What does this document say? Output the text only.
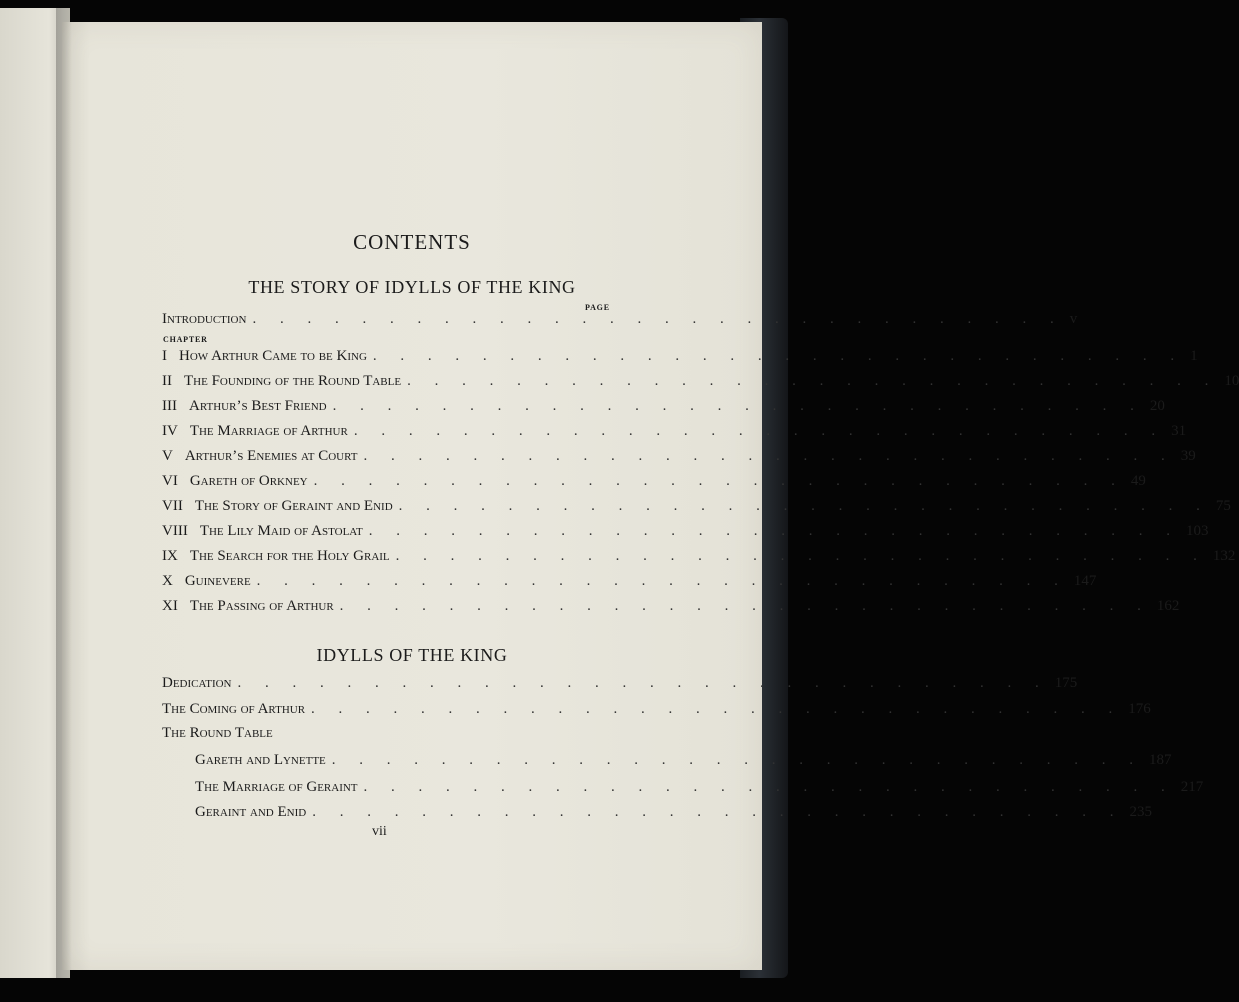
CONTENTS
THE STORY OF IDYLLS OF THE KING
PAGE
Introduction . . . . . . . . . . . . . . . . . . . . . . . . . . . . . . v
CHAPTER
I How Arthur Came to be King . . . . . . . . . . . . . . . . . . . . . . . . . . . . . . 1
II The Founding of the Round Table . . . . . . . . . . . . . . . . . . . . . . . . . . . . . . 10
III Arthur’s Best Friend . . . . . . . . . . . . . . . . . . . . . . . . . . . . . . 20
IV The Marriage of Arthur . . . . . . . . . . . . . . . . . . . . . . . . . . . . . . 31
V Arthur’s Enemies at Court . . . . . . . . . . . . . . . . . . . . . . . . . . . . . . 39
VI Gareth of Orkney . . . . . . . . . . . . . . . . . . . . . . . . . . . . . . 49
VII The Story of Geraint and Enid . . . . . . . . . . . . . . . . . . . . . . . . . . . . . . 75
VIII The Lily Maid of Astolat . . . . . . . . . . . . . . . . . . . . . . . . . . . . . . 103
IX The Search for the Holy Grail . . . . . . . . . . . . . . . . . . . . . . . . . . . . . . 132
X Guinevere . . . . . . . . . . . . . . . . . . . . . . . . . . . . . . 147
XI The Passing of Arthur . . . . . . . . . . . . . . . . . . . . . . . . . . . . . . 162
IDYLLS OF THE KING
Dedication . . . . . . . . . . . . . . . . . . . . . . . . . . . . . . 175
The Coming of Arthur . . . . . . . . . . . . . . . . . . . . . . . . . . . . . . 176
The Round Table
Gareth and Lynette . . . . . . . . . . . . . . . . . . . . . . . . . . . . . . 187
The Marriage of Geraint . . . . . . . . . . . . . . . . . . . . . . . . . . . . . . 217
Geraint and Enid . . . . . . . . . . . . . . . . . . . . . . . . . . . . . . 235
vii
